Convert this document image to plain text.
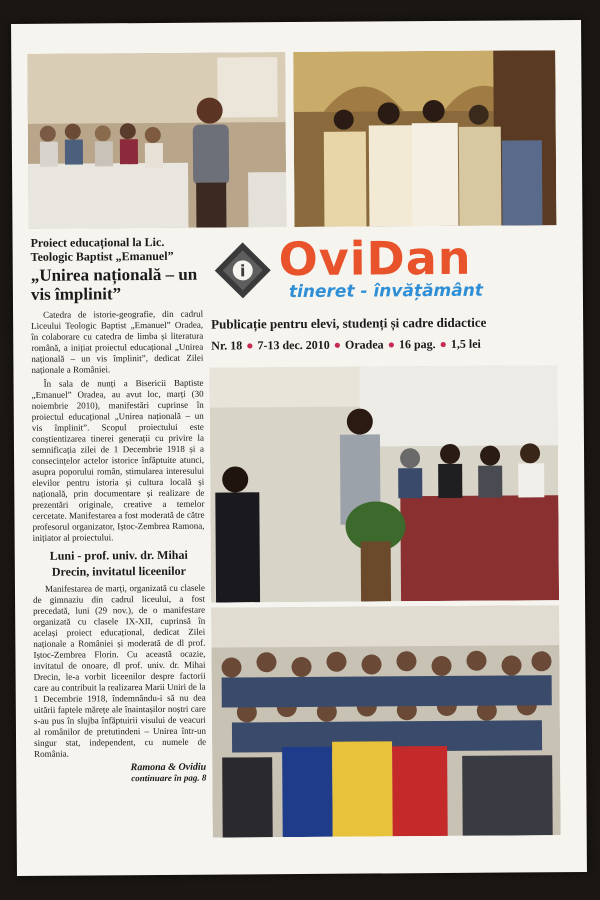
Proiect educațional la Lic. Teologic Baptist „Emanuel”

„Unirea națională – un vis împlinit”

Catedra de istorie-geografie, din cadrul Liceului Teologic Baptist „Emanuel” Oradea, în colaborare cu catedra de limba și literatura română, a inițiat proiectul educațional „Unirea națională – un vis împlinit”, dedicat Zilei naționale a României.

În sala de nunți a Bisericii Baptiste „Emanuel” Oradea, au avut loc, marți (30 noiembrie 2010), manifestări cuprinse în proiectul educațional „Unirea națională – un vis împlinit”. Scopul proiectului este conștientizarea tinerei generații cu privire la semnificația zilei de 1 Decembrie 1918 și a consecințelor actelor istorice înfăptuite atunci, asupra poporului român, stimularea interesului elevilor pentru istoria și cultura locală și națională, prin documentare și realizare de prezentări originale, creative a temelor cercetate. Manifestarea a fost moderată de către profesorul organizator, Iștoc-Zembrea Ramona, inițiator al proiectului.

Luni - prof. univ. dr. Mihai Drecin, invitatul liceenilor

Manifestarea de marți, organizată cu clasele de gimnaziu din cadrul liceului, a fost precedată, luni (29 nov.), de o manifestare organizată cu clasele IX-XII, cuprinsă în același proiect educațional, dedicat Zilei naționale a României și moderată de dl prof. Iștoc-Zembrea Florin. Cu această ocazie, invitatul de onoare, dl prof. univ. dr. Mihai Drecin, le-a vorbit liceenilor despre factorii care au contribuit la realizarea Marii Uniri de la 1 Decembrie 1918, îndemnându-i să nu dea uitării faptele mărețe ale înaintașilor noștri care s-au pus în slujba înfăptuirii visului de veacuri al românilor de pretutindeni – Unirea într-un singur stat, independent, cu numele de România.

Ramona & Ovidiu

continuare în pag. 8

i OviDan
tineret - învățământ
Publicație pentru elevi, studenți și cadre didactice
Nr. 18 ● 7-13 dec. 2010 ● Oradea ● 16 pag. ● 1,5 lei
